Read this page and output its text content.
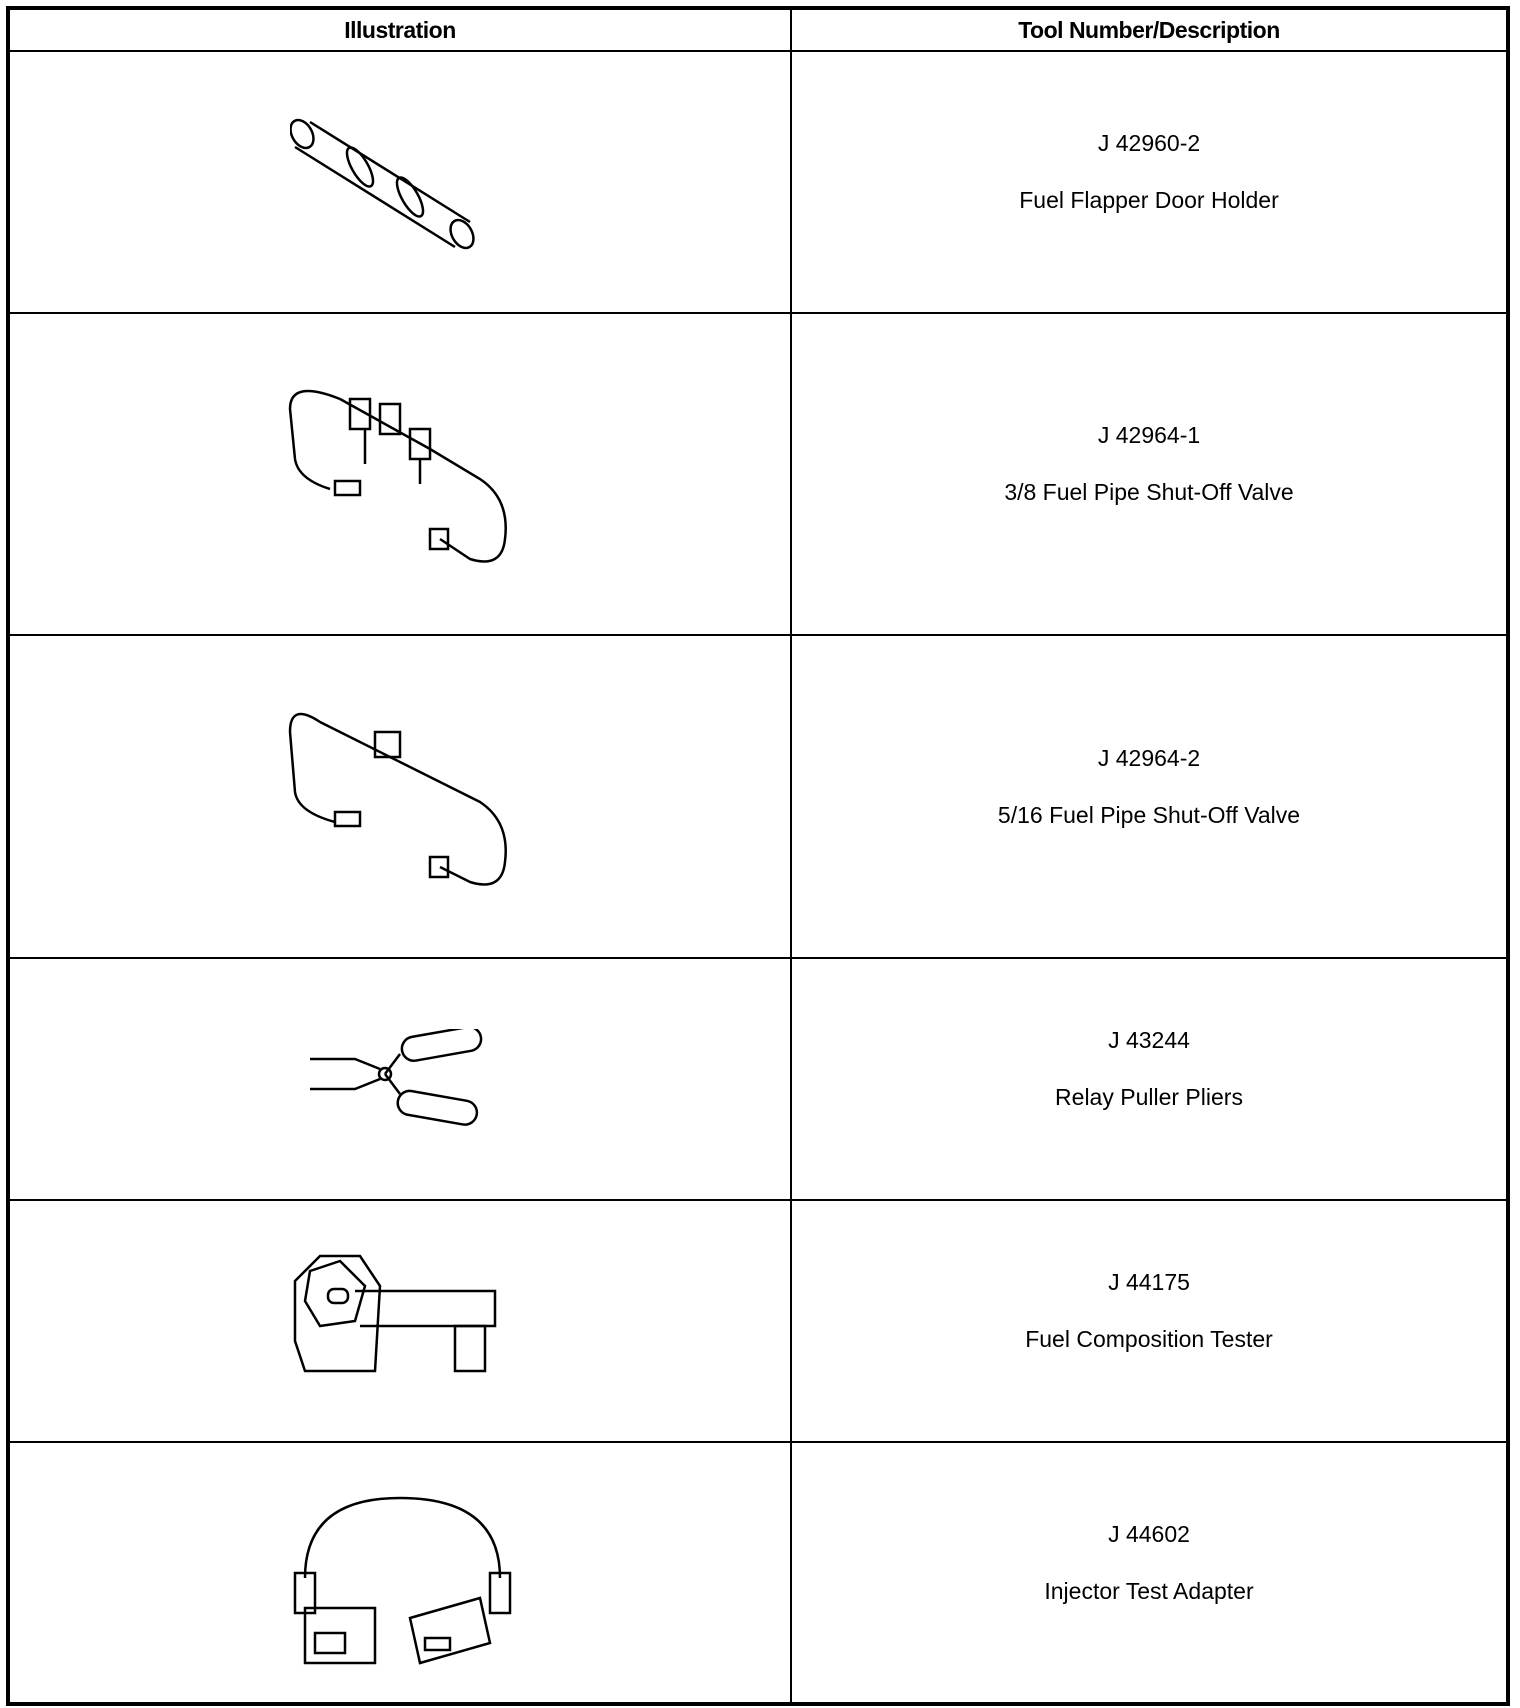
Illustration	Tool Number/Description

J 42960-2
Fuel Flapper Door Holder

J 42964-1
3/8 Fuel Pipe Shut-Off Valve

J 42964-2
5/16 Fuel Pipe Shut-Off Valve

J 43244
Relay Puller Pliers

J 44175
Fuel Composition Tester

J 44602
Injector Test Adapter
